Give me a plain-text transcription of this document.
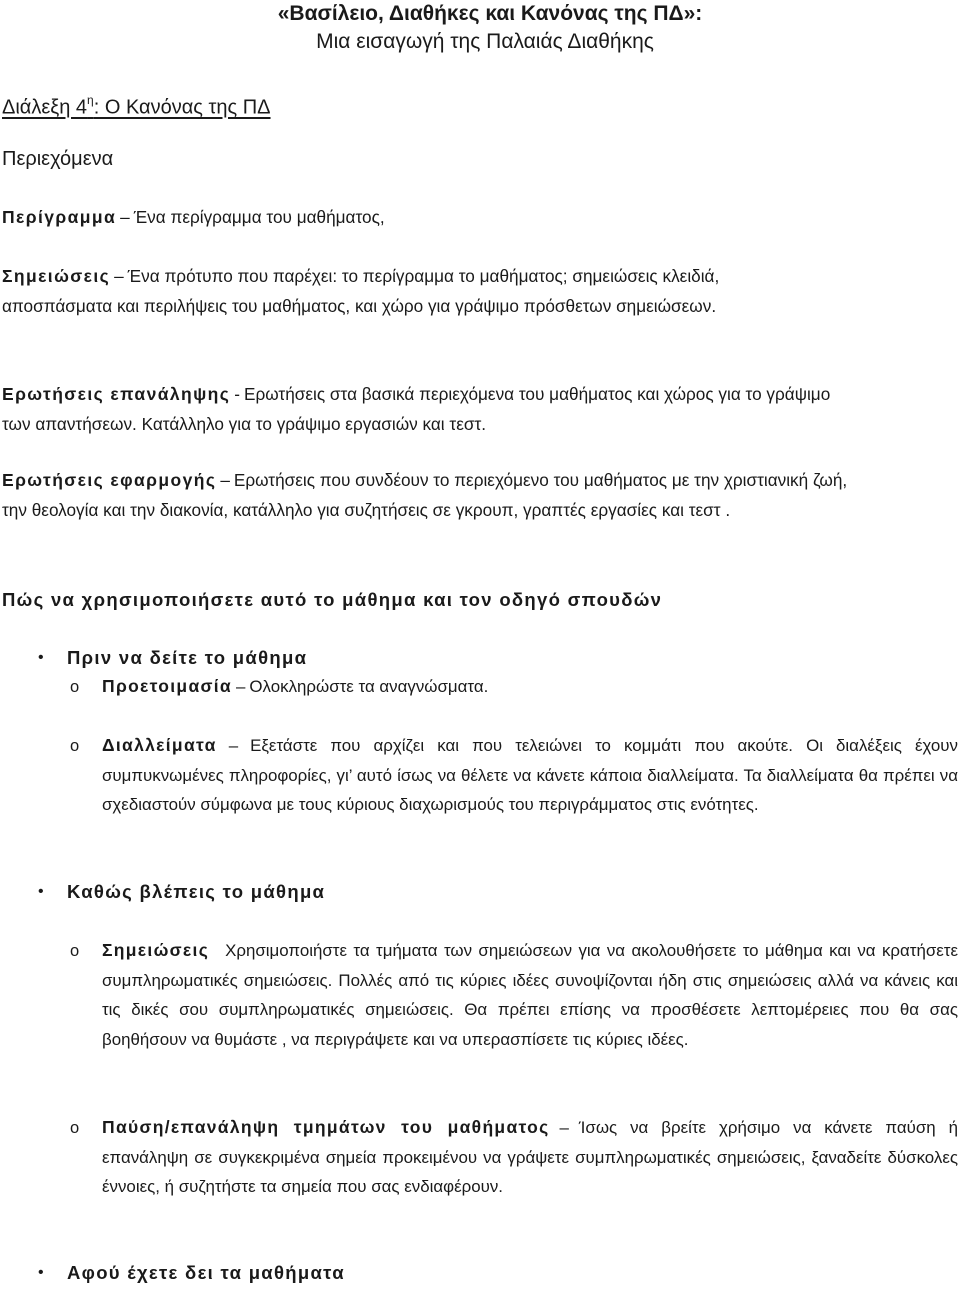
«Βασίλειο, Διαθήκες και Κανόνας της ΠΔ»:
Μια εισαγωγή της Παλαιάς Διαθήκης
Διάλεξη $4^\eta$: Ο Κανόνας της ΠΔ
Περιεχόμενα
Περίγραμμα – Ένα περίγραμμα του μαθήματος,
Σημειώσεις – Ένα πρότυπο που παρέχει: το περίγραμμα το μαθήματος; σημειώσεις κλειδιά, αποσπάσματα και περιλήψεις του μαθήματος, και χώρο για γράψιμο πρόσθετων σημειώσεων.
Ερωτήσεις επανάληψης - Ερωτήσεις στα βασικά περιεχόμενα του μαθήματος και χώρος για το γράψιμο των απαντήσεων. Κατάλληλο για το γράψιμο εργασιών και τεστ.
Ερωτήσεις εφαρμογής – Ερωτήσεις που συνδέουν το περιεχόμενο του μαθήματος με την χριστιανική ζωή, την θεολογία και την διακονία, κατάλληλο για συζητήσεις σε γκρουπ, γραπτές εργασίες και τεστ .
Πώς να χρησιμοποιήσετε αυτό το μάθημα και τον οδηγό σπουδών
• Πριν να δείτε το μάθημα
o Προετοιμασία – Ολοκληρώστε τα αναγνώσματα.
o Διαλλείματα – Εξετάστε που αρχίζει και που τελειώνει το κομμάτι που ακούτε. Οι διαλέξεις έχουν συμπυκνωμένες πληροφορίες, γι’ αυτό ίσως να θέλετε να κάνετε κάποια διαλλείματα. Τα διαλλείματα θα πρέπει να σχεδιαστούν σύμφωνα με τους κύριους διαχωρισμούς του περιγράμματος στις ενότητες.
• Καθώς βλέπεις το μάθημα
o Σημειώσεις Χρησιμοποιήστε τα τμήματα των σημειώσεων για να ακολουθήσετε το μάθημα και να κρατήσετε συμπληρωματικές σημειώσεις. Πολλές από τις κύριες ιδέες συνοψίζονται ήδη στις σημειώσεις αλλά να κάνεις και τις δικές σου συμπληρωματικές σημειώσεις. Θα πρέπει επίσης να προσθέσετε λεπτομέρειες που θα σας βοηθήσουν να θυμάστε , να περιγράψετε και να υπερασπίσετε τις κύριες ιδέες.
o Παύση/επανάληψη τμημάτων του μαθήματος – Ίσως να βρείτε χρήσιμο να κάνετε παύση ή επανάληψη σε συγκεκριμένα σημεία προκειμένου να γράψετε συμπληρωματικές σημειώσεις, ξαναδείτε δύσκολες έννοιες, ή συζητήστε τα σημεία που σας ενδιαφέρουν.
• Αφού έχετε δει τα μαθήματα
